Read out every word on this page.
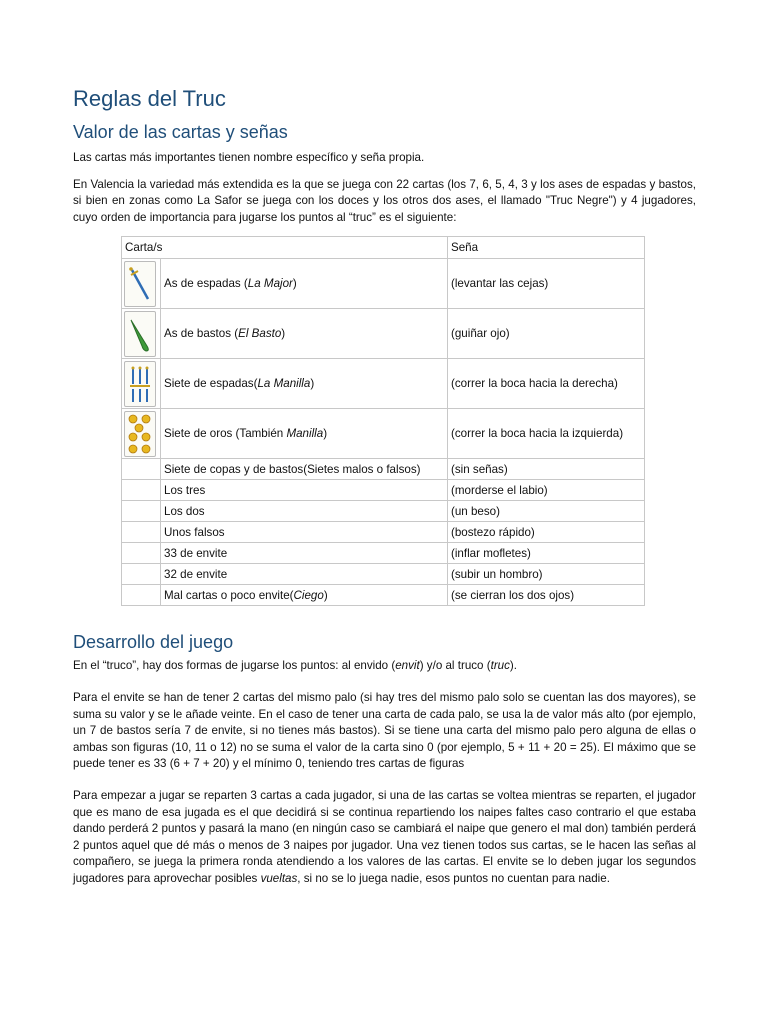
Reglas del Truc
Valor de las cartas y señas

Las cartas más importantes tienen nombre específico y seña propia.

En Valencia la variedad más extendida es la que se juega con 22 cartas (los 7, 6, 5, 4, 3 y los ases de espadas y bastos, si bien en zonas como La Safor se juega con los doces y los otros dos ases, el llamado "Truc Negre") y 4 jugadores, cuyo orden de importancia para jugarse los puntos al “truc” es el siguiente:

Carta/s		Seña

	As de espadas (La Major)	(levantar las cejas)

	As de bastos (El Basto)	(guiñar ojo)

	Siete de espadas(La Manilla)	(correr la boca hacia la derecha)

	Siete de oros (También Manilla)	(correr la boca hacia la izquierda)
	Siete de copas y de bastos(Sietes malos o falsos)	(sin señas)
	Los tres	(morderse el labio)
	Los dos	(un beso)
	Unos falsos	(bostezo rápido)
	33 de envite	(inflar mofletes)
	32 de envite	(subir un hombro)
	Mal cartas o poco envite(Ciego)	(se cierran los dos ojos)
Desarrollo del juego

En el “truco”, hay dos formas de jugarse los puntos: al envido (envit) y/o al truco (truc).

Para el envite se han de tener 2 cartas del mismo palo (si hay tres del mismo palo solo se cuentan las dos mayores), se suma su valor y se le añade veinte. En el caso de tener una carta de cada palo, se usa la de valor más alto (por ejemplo, un 7 de bastos sería 7 de envite, si no tienes más bastos). Si se tiene una carta del mismo palo pero alguna de ellas o ambas son figuras (10, 11 o 12) no se suma el valor de la carta sino 0 (por ejemplo, 5 + 11 + 20 = 25). El máximo que se puede tener es 33 (6 + 7 + 20) y el mínimo 0, teniendo tres cartas de figuras

Para empezar a jugar se reparten 3 cartas a cada jugador, si una de las cartas se voltea mientras se reparten, el jugador que es mano de esa jugada es el que decidirá si se continua repartiendo los naipes faltes caso contrario el que estaba dando perderá 2 puntos y pasará la mano (en ningún caso se cambiará el naipe que genero el mal don) también perderá 2 puntos aquel que dé más o menos de 3 naipes por jugador. Una vez tienen todos sus cartas, se le hacen las señas al compañero, se juega la primera ronda atendiendo a los valores de las cartas. El envite se lo deben jugar los segundos jugadores para aprovechar posibles vueltas, si no se lo juega nadie, esos puntos no cuentan para nadie.
